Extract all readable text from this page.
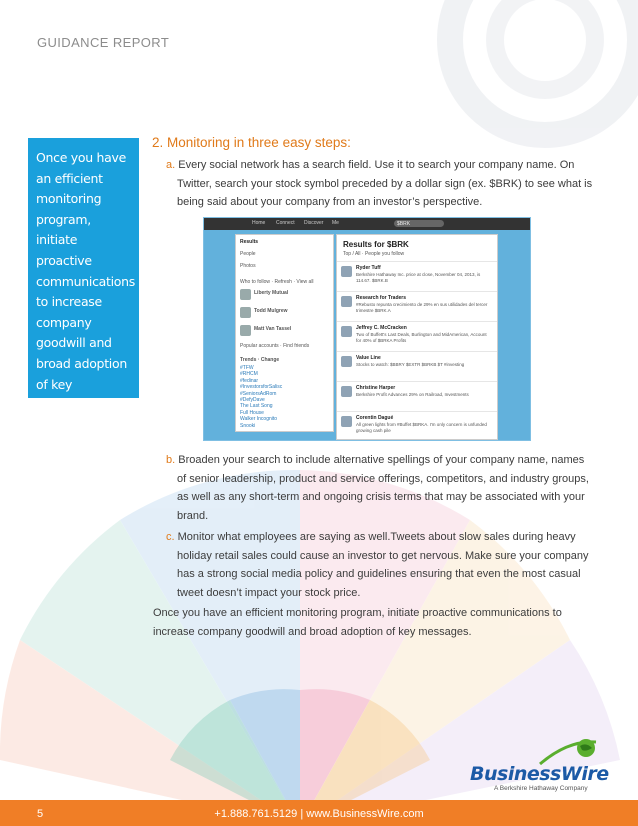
GUIDANCE REPORT

Once you have

an efficient

monitoring

program, initiate

proactive

communications

to increase

company

goodwill and

broad adoption

of key messages.

2. Monitoring in three easy steps:
a. Every social network has a search field. Use it to search your company name. On
Twitter, search your stock symbol preceded by a dollar sign (ex. $BRK) to see what is
being said about your company from an investor’s perspective.
Home Connect Discover Me	$BRK
Results
People
Photos
Who to follow · Refresh · View all
Liberty Mutual
Todd Mulgrew
Matt Van Tassel
Popular accounts · Find friends
Trends · Change
#TFW
#RHCM
#fedinar
#InvestorsforSalisc
#SeniorsAdRom
#DefyDave
The Last Song
Full House
Walker Incognito
Snooki
Results for $BRK
Top / All · People you follow
Ryder Tuff
Berkshire Hathaway Inc. price at close, November 04, 2013, is 114.67. $BRK.B
Research for Traders
#Rebusto repunta crecimiento de 29% en sus utilidades del tercer trimestre $BRK.A
Jeffrey C. McCracken
Two of Buffett's Last Deals, Burlington and MidAmerican, Account for 40% of $BRKA Profits
Value Line
Stocks to watch: $BBRY $EXTR $BRKB $T #investing
Christine Harper
Berkshire Profit Advances 29% on Railroad, Investments
Corentin Dagué
All green lights from #Buffet $BRKA. I'm only concern is unfunded growing cash pile
b. Broaden your search to include alternative spellings of your company name, names
of senior leadership, product and service offerings, competitors, and industry groups,
as well as any short-term and ongoing crisis terms that may be associated with your
brand.
c. Monitor what employees are saying as well.Tweets about slow sales during heavy
holiday retail sales could cause an investor to get nervous. Make sure your company
has a strong social media policy and guidelines ensuring that even the most casual
tweet doesn’t impact your stock price.
Once you have an efficient monitoring program, initiate proactive communications to
increase company goodwill and broad adoption of key messages.
BusinessWire
A Berkshire Hathaway Company
5	+1.888.761.5129 | www.BusinessWire.com
